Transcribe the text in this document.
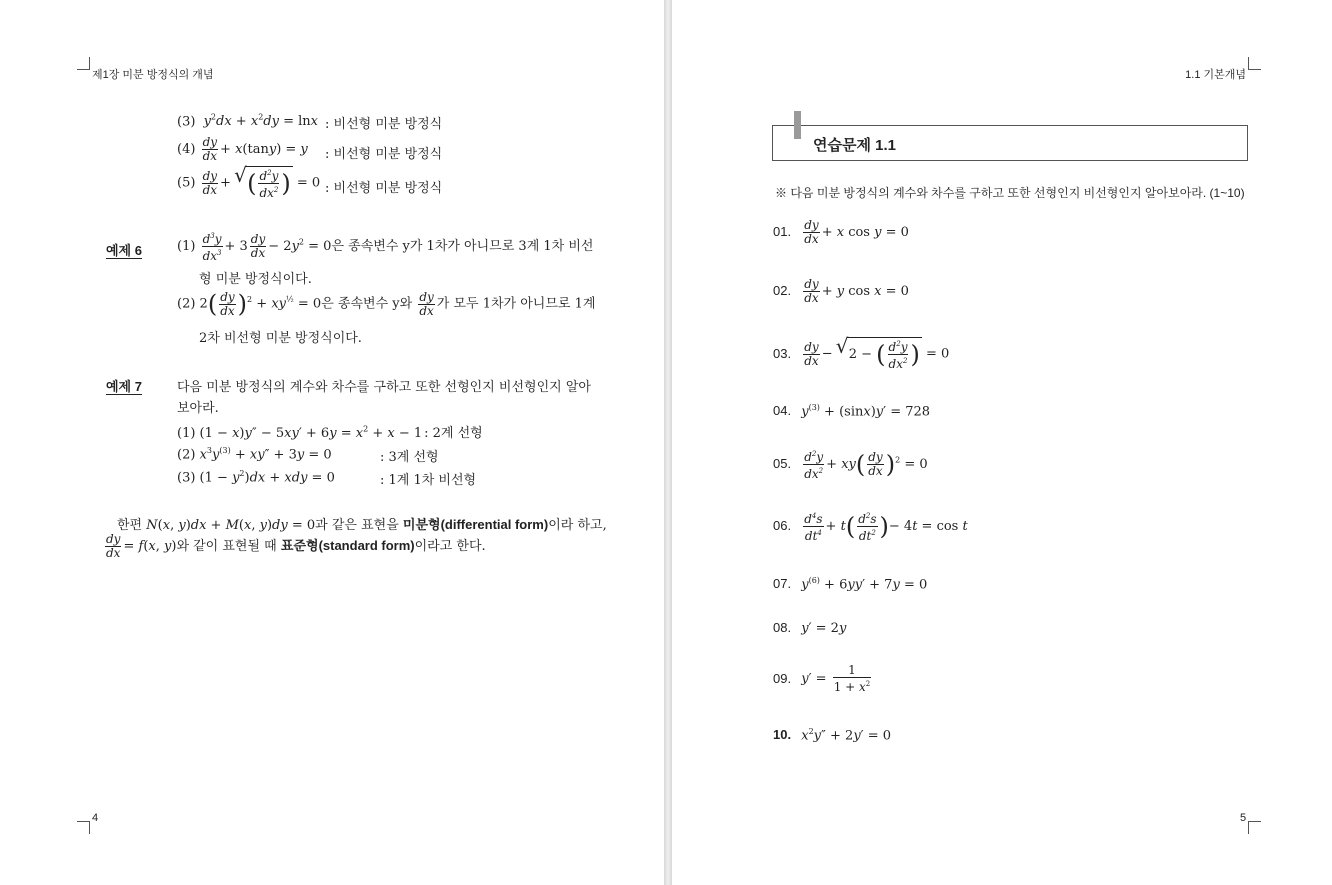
제1장 미분 방정식의 개념
(3) $y^2dx + x^2dy = \ln x$ : 비선형 미분 방정식
$(4) \frac{dy}{dx} + x(\tan y) = y$ : 비선형 미분 방정식
$(5) \frac{dy}{dx}$ + √ ( $\frac{d^2y}{dx^2}$ ) = 0 : 비선형 미분 방정식
예제 6	$(1) \frac{d^3y}{dx^3} + 3 \frac{dy}{dx} - 2y^2 = 0$은 종속변수 y가 1차가 아니므로 3계 1차 비선
형 미분 방정식이다.
(2) $2( \frac{dy}{dx} )^2 + xy^{\frac{1}{2}} = 0$은 종속변수 y와 $\frac{dy}{dx}$ 가 모두 1차가 아니므로 1계
2차 비선형 미분 방정식이다.
예제 7	다음 미분 방정식의 계수와 차수를 구하고 또한 선형인지 비선형인지 알아
보아라.
(1) $(1 - x)y'' - 5xy' + 6y = x^2 + x - 1$ : 2계 선형
(2) $x^3y^{(3)} + xy'' + 3y = 0$	: 3계 선형
(3) $(1 - y^2)dx$ + xdy = 0	: 1계 1차 비선형
한편 N(x, y)dx + M(x, y)dy = 0과 같은 표현을 미분형(differential form)이라 하고,
$\frac{dy}{dx} = f(x$, y)와 같이 표현될 때 표준형(standard form)이라고 한다.
4
1.1 기본개념
연습문제 1.1
※ 다음 미분 방정식의 계수와 차수를 구하고 또한 선형인지 비선형인지 알아보아라. (1~10)
01. $\frac{dy}{dx} + x$ cos y = 0
02. $\frac{dy}{dx} + y$ cos x = 0
03. $\frac{dy}{dx}$ − √ 2 − ( $\frac{d^2y}{dx^2}$ ) = 0
04. $y^{(3)} + (\sin x)y' = 728$
05. $\frac{d^2y}{dx^2} + xy( \frac{dy}{dx} )^2 = 0$
06. $\frac{d^4s}{dt^4} + t( \frac{d^2s}{dt^2}$ )− 4t = cos t
07. $y^{(6)} + 6yy' + 7y = 0$
08. y′ = 2y
09. $y' = \frac{1}{1 + x^2}$
10. $x^2y'' + 2y' = 0$
5
